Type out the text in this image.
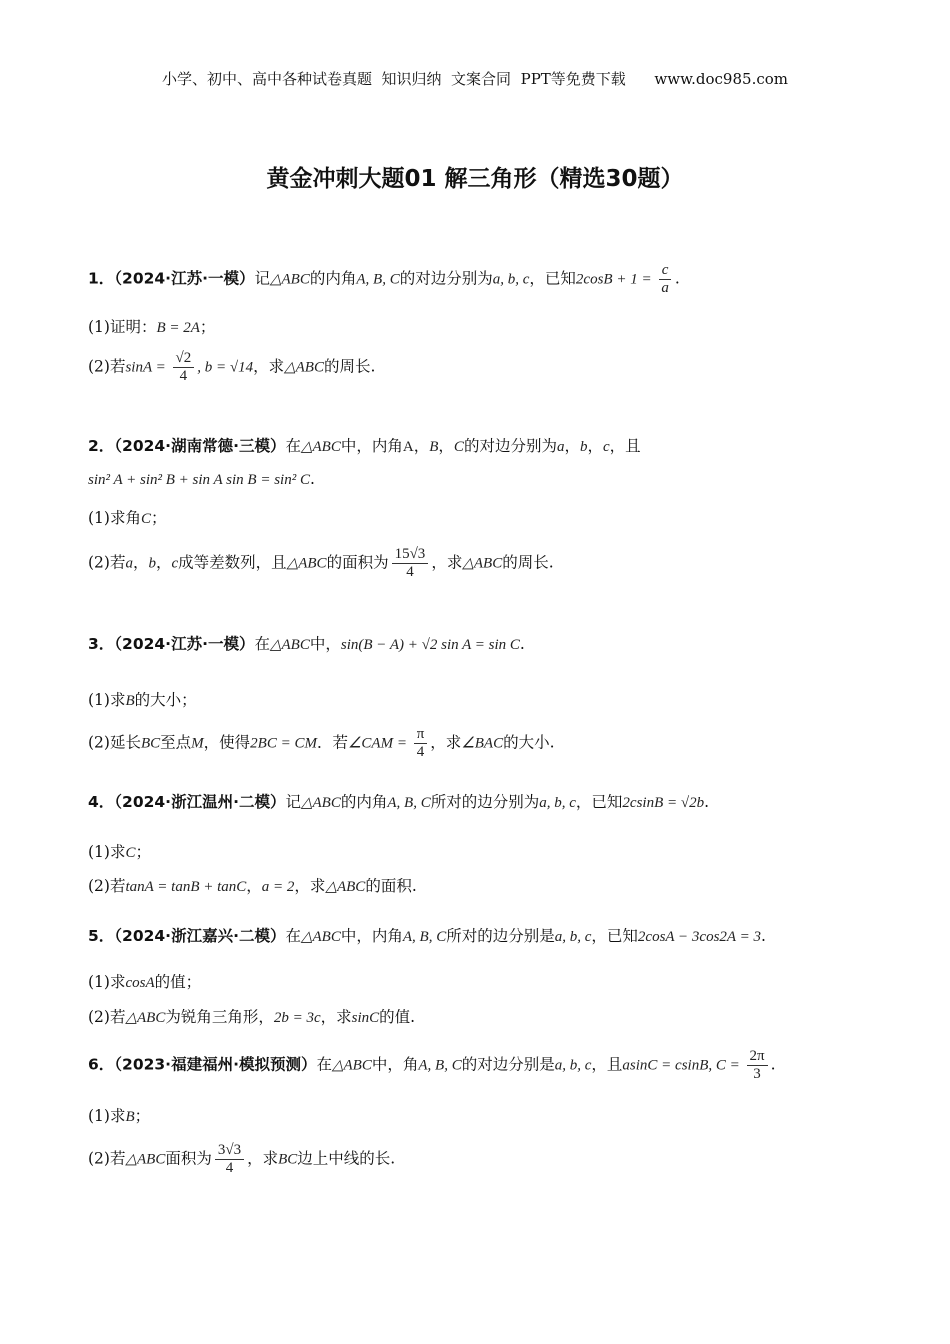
小学、初中、高中各种试卷真题  知识归纳  文案合同  PPT等免费下载      www.doc985.com
黄金冲刺大题01 解三角形（精选30题）
1．（2024·江苏·一模）记△ABC的内角A, B, C的对边分别为a, b, c，已知$2\cos B + 1 = \frac{c}{a}$ .
(1)证明：B = 2A；
(2)若$\sin A = \frac{√2}{4}$ , b = √14，求△ABC的周长.
2．（2024·湖南常德·三模）在△ABC中，内角A，B，C的对边分别为a，b，c，且
sin² A + sin² B + sin A sin B = sin² C.
(1)求角C；
(2)若a，b，c成等差数列，且△ABC的面积为 $\frac{15√3}{4}$ ，求△ABC的周长.
3．（2024·江苏·一模）在△ABC中，sin(B − A) + √2 sin A = sin C.
(1)求B的大小；
(2)延长BC至点M，使得2BC = CM．若∠CAM = $\frac{\pi}{4}$ ，求∠BAC的大小.
4．（2024·浙江温州·二模）记△ABC的内角A, B, C所对的边分别为a, b, c，已知2csinB = √2b.
(1)求C；
(2)若tanA = tanB + tanC，a = 2，求△ABC的面积.
5．（2024·浙江嘉兴·二模）在△ABC中，内角A, B, C所对的边分别是a, b, c，已知2cosA − 3cos2A = 3.
(1)求cosA的值；
(2)若△ABC为锐角三角形，2b = 3c，求sinC的值.
6．（2023·福建福州·模拟预测）在△ABC中，角A, B, C的对边分别是a, b, c，且asinC = csinB, $C = \frac{2\pi}{3}$ .
(1)求B；
(2)若△ABC面积为 $\frac{3√3}{4}$ ，求BC边上中线的长.
